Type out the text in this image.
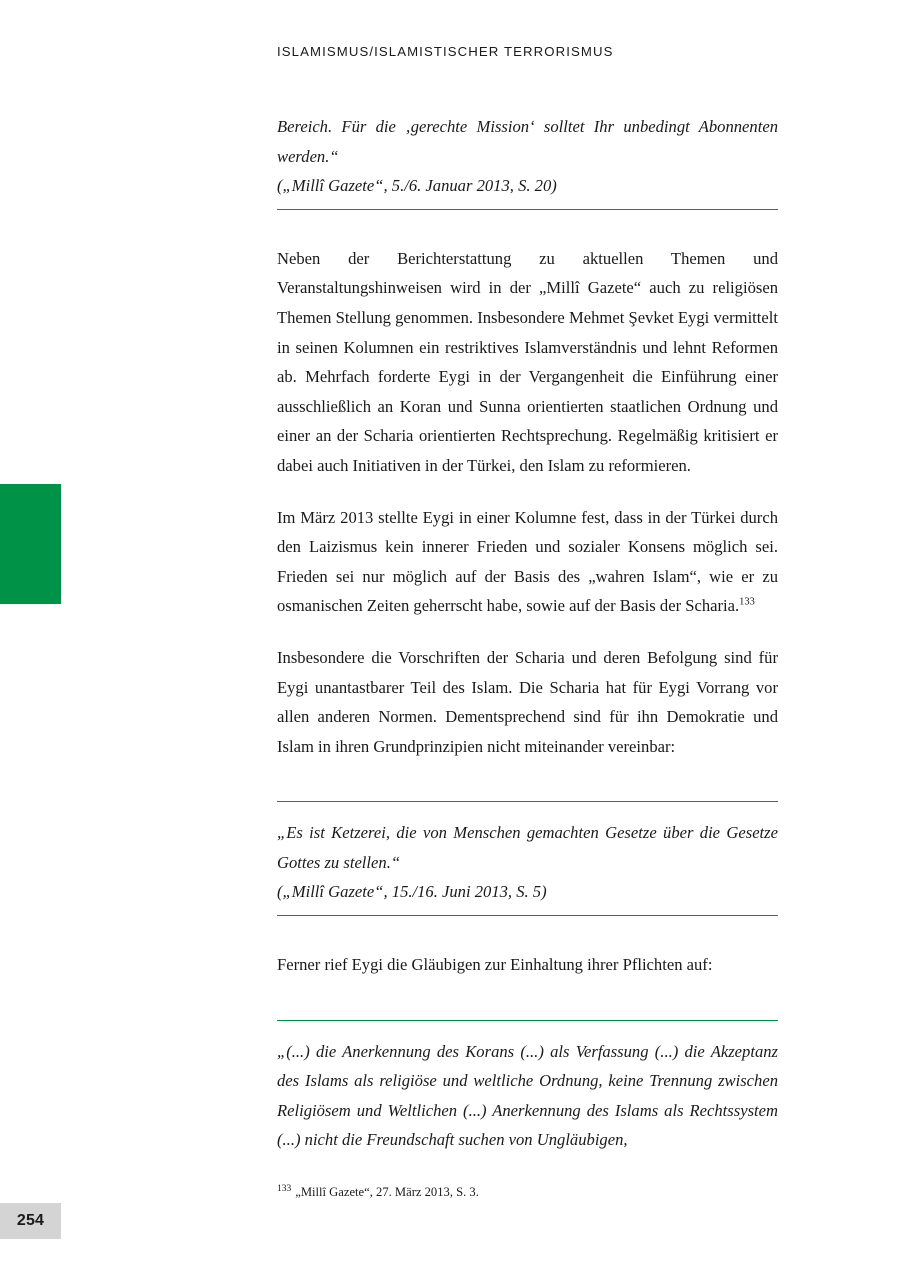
254
ISLAMISMUS/ISLAMISTISCHER TERRORISMUS

Bereich. Für die ‚gerechte Mission‘ solltet Ihr unbedingt Abonnenten werden.“
(„Millî Gazete“, 5./6. Januar 2013, S. 20)

Neben der Berichterstattung zu aktuellen Themen und Veranstaltungshinweisen wird in der „Millî Gazete“ auch zu religiösen Themen Stellung genommen. Insbesondere Mehmet Şevket Eygi vermittelt in seinen Kolumnen ein restriktives Islamverständnis und lehnt Reformen ab. Mehrfach forderte Eygi in der Vergangenheit die Einführung einer ausschließlich an Koran und Sunna orientierten staatlichen Ordnung und einer an der Scharia orientierten Rechtsprechung. Regelmäßig kritisiert er dabei auch Initiativen in der Türkei, den Islam zu reformieren.

Im März 2013 stellte Eygi in einer Kolumne fest, dass in der Türkei durch den Laizismus kein innerer Frieden und sozialer Konsens möglich sei. Frieden sei nur möglich auf der Basis des „wahren Islam“, wie er zu osmanischen Zeiten geherrscht habe, sowie auf der Basis der Scharia.$^{133}$

Insbesondere die Vorschriften der Scharia und deren Befolgung sind für Eygi unantastbarer Teil des Islam. Die Scharia hat für Eygi Vorrang vor allen anderen Normen. Dementsprechend sind für ihn Demokratie und Islam in ihren Grundprinzipien nicht miteinander vereinbar:

„Es ist Ketzerei, die von Menschen gemachten Gesetze über die Gesetze Gottes zu stellen.“
(„Millî Gazete“, 15./16. Juni 2013, S. 5)

Ferner rief Eygi die Gläubigen zur Einhaltung ihrer Pflichten auf:

„(...) die Anerkennung des Korans (...) als Verfassung (...) die Akzeptanz des Islams als religiöse und weltliche Ordnung, keine Trennung zwischen Religiösem und Weltlichen (...) Anerkennung des Islams als Rechtssystem (...) nicht die Freundschaft suchen von Ungläubigen,

$^{133}$ „Millî Gazete“, 27. März 2013, S. 3.
